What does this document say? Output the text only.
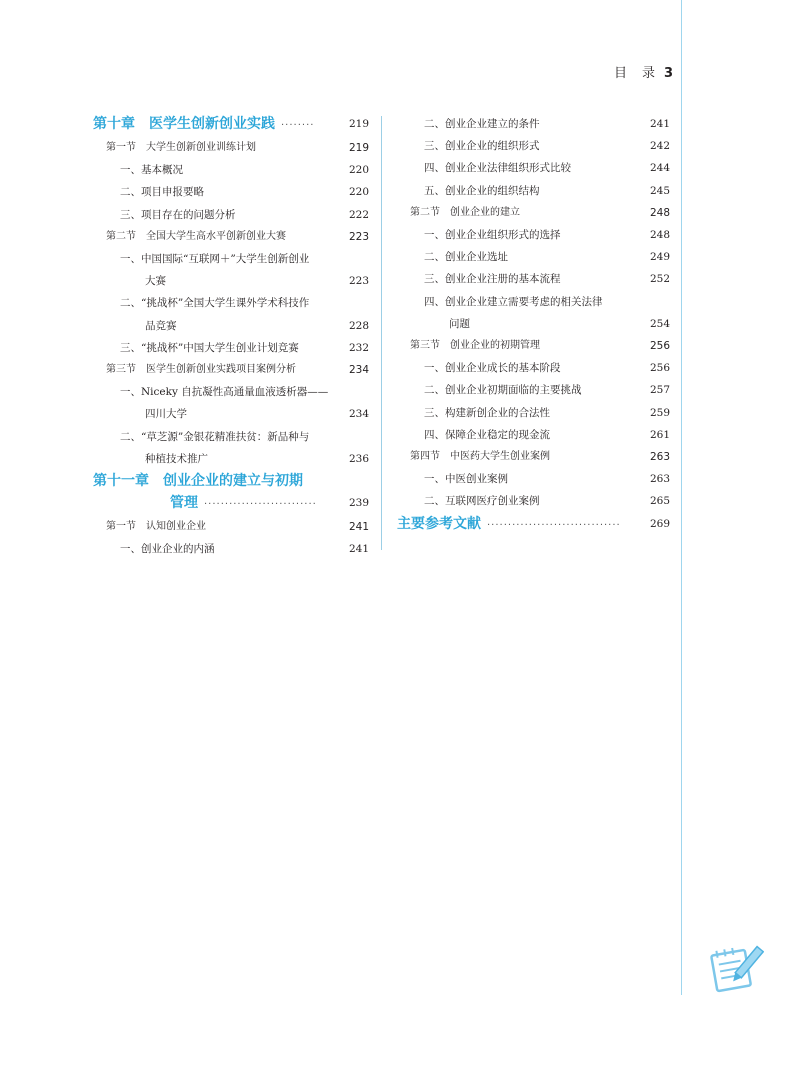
目　录 3
第十章　医学生创新创业实践 ········	219
第一节　大学生创新创业训练计划	219
一、基本概况	220
二、项目申报要略	220
三、项目存在的问题分析	222
第二节　全国大学生高水平创新创业大赛	223
一、中国国际“互联网＋”大学生创新创业
大赛	223
二、“挑战杯”全国大学生课外学术科技作
品竞赛	228
三、“挑战杯”中国大学生创业计划竞赛	232
第三节　医学生创新创业实践项目案例分析	234
一、Niceky 自抗凝性高通量血液透析器——
四川大学	234
二、“草芝源”金银花精准扶贫：新品种与
种植技术推广	236
第十一章　创业企业的建立与初期
管理 ···························	239
第一节　认知创业企业	241
一、创业企业的内涵	241
二、创业企业建立的条件	241
三、创业企业的组织形式	242
四、创业企业法律组织形式比较	244
五、创业企业的组织结构	245
第二节　创业企业的建立	248
一、创业企业组织形式的选择	248
二、创业企业选址	249
三、创业企业注册的基本流程	252
四、创业企业建立需要考虑的相关法律
问题	254
第三节　创业企业的初期管理	256
一、创业企业成长的基本阶段	256
二、创业企业初期面临的主要挑战	257
三、构建新创企业的合法性	259
四、保障企业稳定的现金流	261
第四节　中医药大学生创业案例	263
一、中医创业案例	263
二、互联网医疗创业案例	265
主要参考文献 ································	269
